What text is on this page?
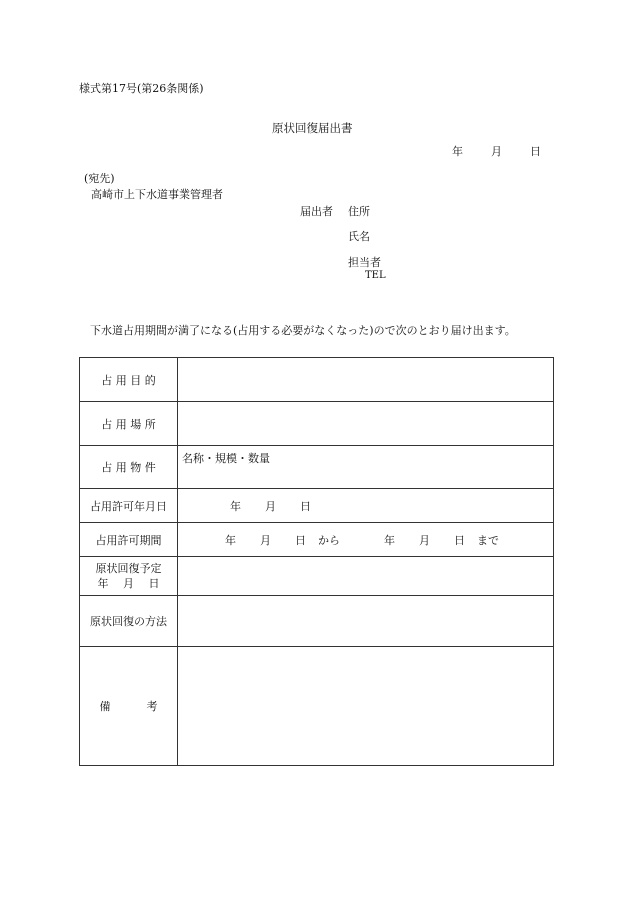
様式第17号(第26条関係)
原状回復届出書
年	月	日
(宛先)
高崎市上下水道事業管理者
届出者 住所
氏名
担当者
TEL
下水道占用期間が満了になる(占用する必要がなくなった)ので次のとおり届け出ます。
占 用 目 的	
占 用 場 所	
占 用 物 件	名称・規模・数量
占用許可年月日	年 月 日
占用許可期間	年 月 日 から 年 月 日 まで

原状回復予定
年　 月　 日	

原状回復の方法	
備 考	
